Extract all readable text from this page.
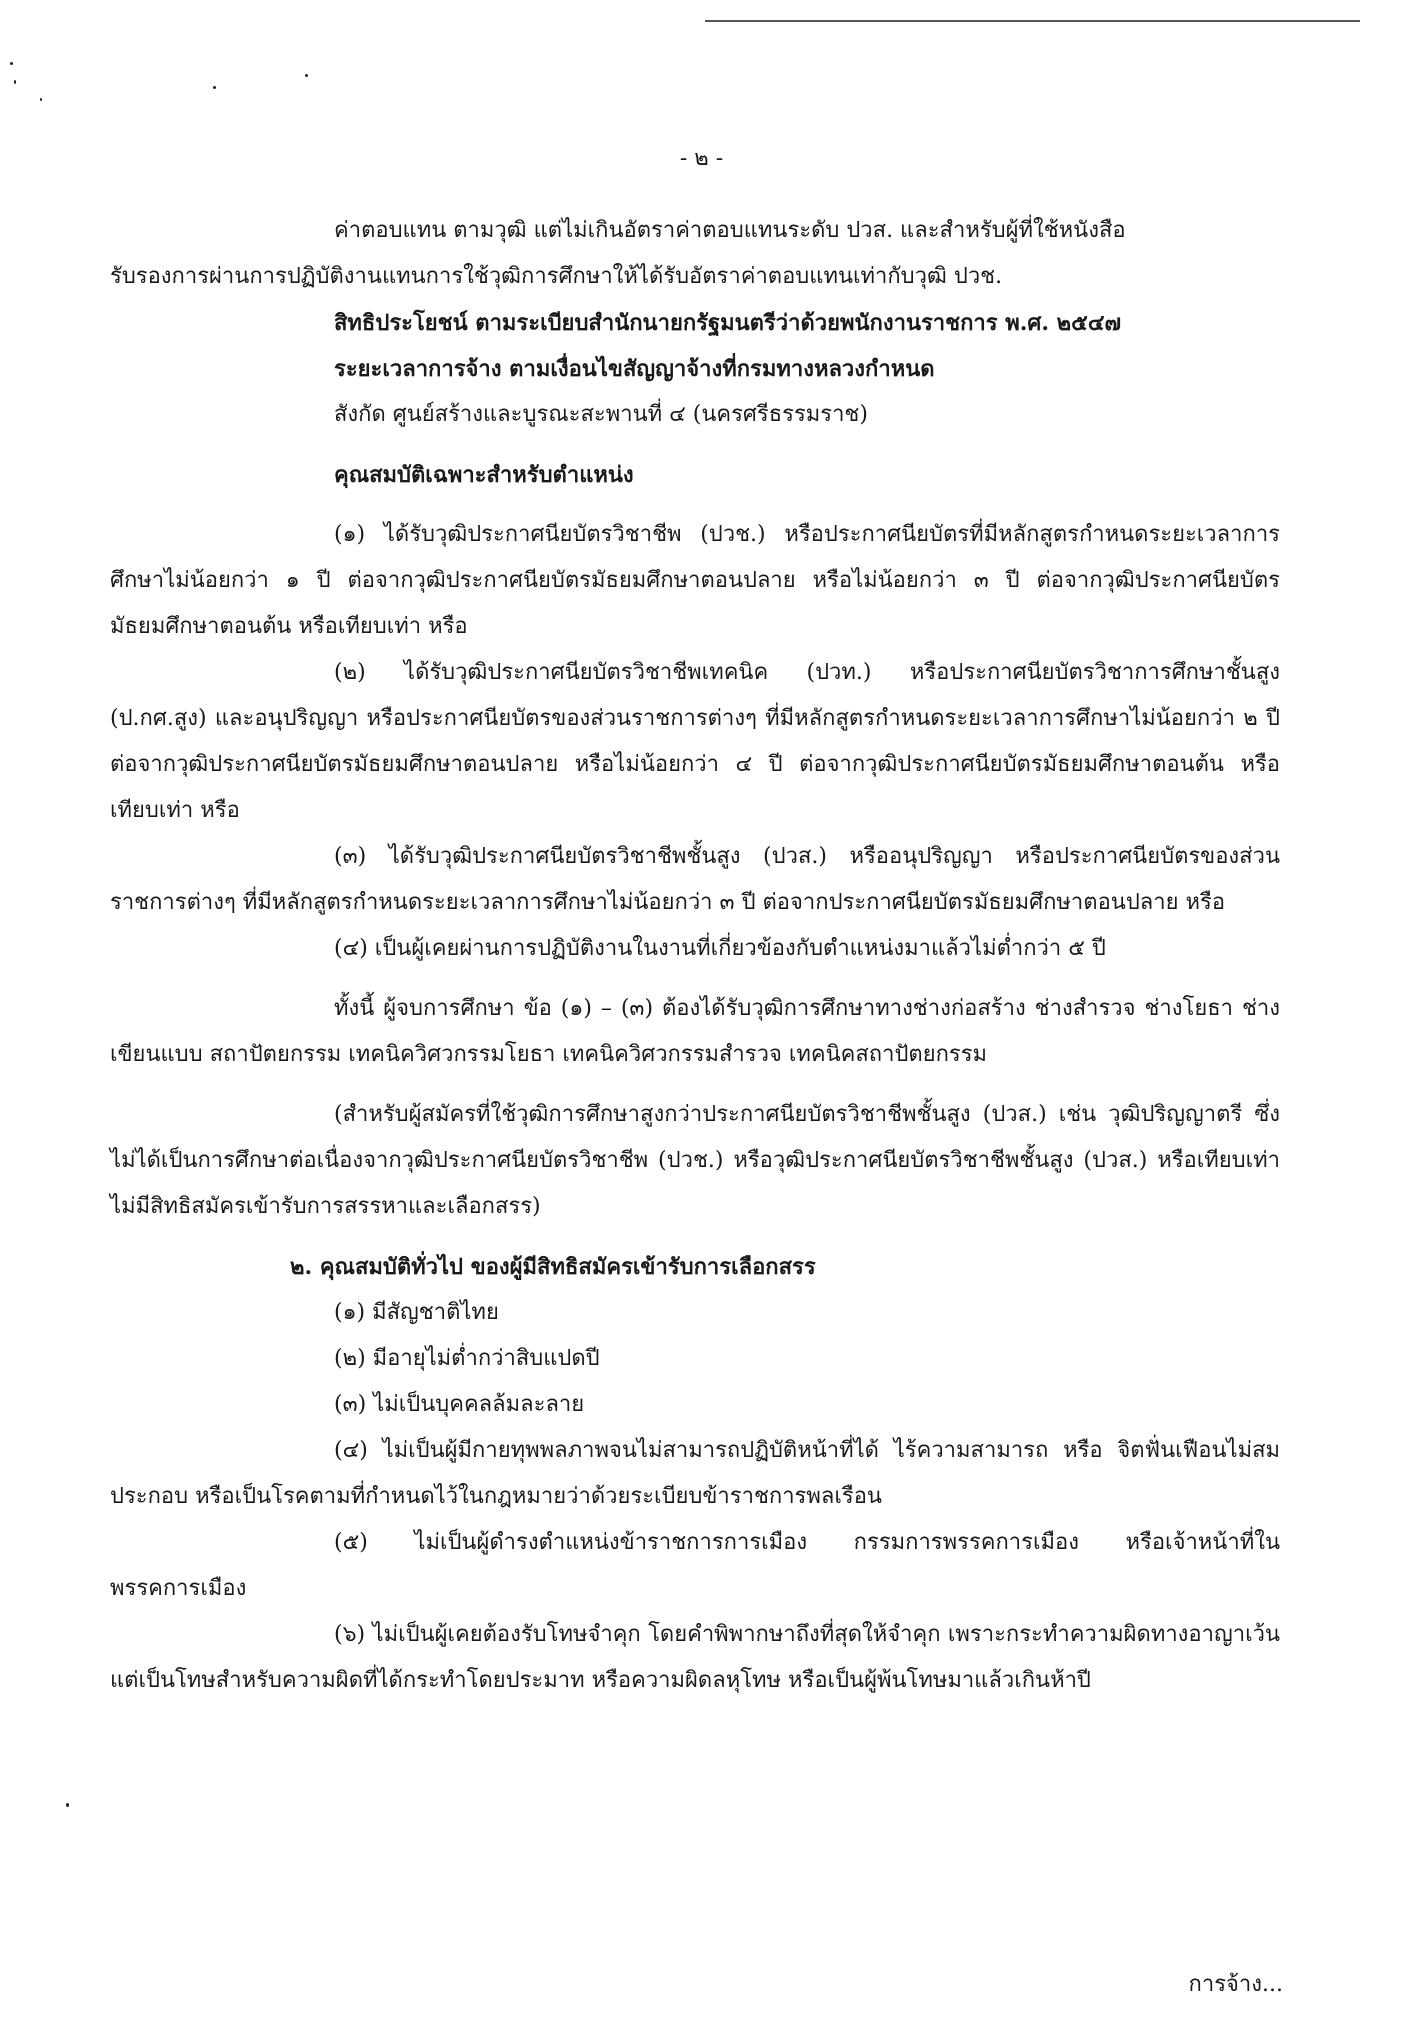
- ๒ -

ค่าตอบแทน ตามวุฒิ แต่ไม่เกินอัตราค่าตอบแทนระดับ ปวส. และสำหรับผู้ที่ใช้หนังสือ

รับรองการผ่านการปฏิบัติงานแทนการใช้วุฒิการศึกษาให้ได้รับอัตราค่าตอบแทนเท่ากับวุฒิ ปวช.

สิทธิประโยชน์ ตามระเบียบสำนักนายกรัฐมนตรีว่าด้วยพนักงานราชการ พ.ศ. ๒๕๔๗

ระยะเวลาการจ้าง ตามเงื่อนไขสัญญาจ้างที่กรมทางหลวงกำหนด

สังกัด ศูนย์สร้างและบูรณะสะพานที่ ๔ (นครศรีธรรมราช)

คุณสมบัติเฉพาะสำหรับตำแหน่ง

(๑) ได้รับวุฒิประกาศนียบัตรวิชาชีพ (ปวช.) หรือประกาศนียบัตรที่มีหลักสูตรกำหนดระยะเวลาการศึกษาไม่น้อยกว่า ๑ ปี ต่อจากวุฒิประกาศนียบัตรมัธยมศึกษาตอนปลาย หรือไม่น้อยกว่า ๓ ปี ต่อจากวุฒิประกาศนียบัตรมัธยมศึกษาตอนต้น หรือเทียบเท่า หรือ

(๒) ได้รับวุฒิประกาศนียบัตรวิชาชีพเทคนิค (ปวท.) หรือประกาศนียบัตรวิชาการศึกษาชั้นสูง (ป.กศ.สูง) และอนุปริญญา หรือประกาศนียบัตรของส่วนราชการต่างๆ ที่มีหลักสูตรกำหนดระยะเวลาการศึกษาไม่น้อยกว่า ๒ ปี ต่อจากวุฒิประกาศนียบัตรมัธยมศึกษาตอนปลาย หรือไม่น้อยกว่า ๔ ปี ต่อจากวุฒิประกาศนียบัตรมัธยมศึกษาตอนต้น หรือเทียบเท่า หรือ

(๓) ได้รับวุฒิประกาศนียบัตรวิชาชีพชั้นสูง (ปวส.) หรืออนุปริญญา หรือประกาศนียบัตรของส่วนราชการต่างๆ ที่มีหลักสูตรกำหนดระยะเวลาการศึกษาไม่น้อยกว่า ๓ ปี ต่อจากประกาศนียบัตรมัธยมศึกษาตอนปลาย หรือ

(๔) เป็นผู้เคยผ่านการปฏิบัติงานในงานที่เกี่ยวข้องกับตำแหน่งมาแล้วไม่ต่ำกว่า ๕ ปี

ทั้งนี้ ผู้จบการศึกษา ข้อ (๑) – (๓) ต้องได้รับวุฒิการศึกษาทางช่างก่อสร้าง ช่างสำรวจ ช่างโยธา ช่างเขียนแบบ สถาปัตยกรรม เทคนิควิศวกรรมโยธา เทคนิควิศวกรรมสำรวจ เทคนิคสถาปัตยกรรม

(สำหรับผู้สมัครที่ใช้วุฒิการศึกษาสูงกว่าประกาศนียบัตรวิชาชีพชั้นสูง (ปวส.) เช่น วุฒิปริญญาตรี ซึ่งไม่ได้เป็นการศึกษาต่อเนื่องจากวุฒิประกาศนียบัตรวิชาชีพ (ปวช.) หรือวุฒิประกาศนียบัตรวิชาชีพชั้นสูง (ปวส.) หรือเทียบเท่า ไม่มีสิทธิสมัครเข้ารับการสรรหาและเลือกสรร)

๒. คุณสมบัติทั่วไป ของผู้มีสิทธิสมัครเข้ารับการเลือกสรร

(๑) มีสัญชาติไทย

(๒) มีอายุไม่ต่ำกว่าสิบแปดปี

(๓) ไม่เป็นบุคคลล้มละลาย

(๔) ไม่เป็นผู้มีกายทุพพลภาพจนไม่สามารถปฏิบัติหน้าที่ได้ ไร้ความสามารถ หรือ จิตฟั่นเฟือนไม่สมประกอบ หรือเป็นโรคตามที่กำหนดไว้ในกฎหมายว่าด้วยระเบียบข้าราชการพลเรือน

(๕) ไม่เป็นผู้ดำรงตำแหน่งข้าราชการการเมือง กรรมการพรรคการเมือง หรือเจ้าหน้าที่ในพรรคการเมือง

(๖) ไม่เป็นผู้เคยต้องรับโทษจำคุก โดยคำพิพากษาถึงที่สุดให้จำคุก เพราะกระทำความผิดทางอาญาเว้นแต่เป็นโทษสำหรับความผิดที่ได้กระทำโดยประมาท หรือความผิดลหุโทษ หรือเป็นผู้พ้นโทษมาแล้วเกินห้าปี

การจ้าง...
